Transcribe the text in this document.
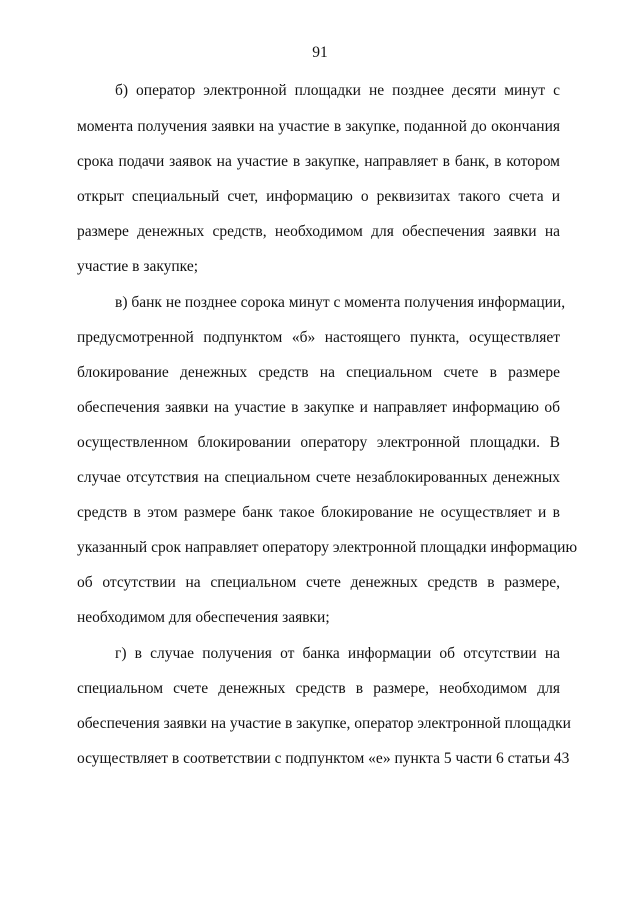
91
б) оператор электронной площадки не позднее десяти минут с
момента получения заявки на участие в закупке, поданной до окончания
срока подачи заявок на участие в закупке, направляет в банк, в котором
открыт специальный счет, информацию о реквизитах такого счета и
размере денежных средств, необходимом для обеспечения заявки на
участие в закупке;
в) банк не позднее сорока минут с момента получения информации,
предусмотренной подпунктом «б» настоящего пункта, осуществляет
блокирование денежных средств на специальном счете в размере
обеспечения заявки на участие в закупке и направляет информацию об
осуществленном блокировании оператору электронной площадки. В
случае отсутствия на специальном счете незаблокированных денежных
средств в этом размере банк такое блокирование не осуществляет и в
указанный срок направляет оператору электронной площадки информацию
об отсутствии на специальном счете денежных средств в размере,
необходимом для обеспечения заявки;
г) в случае получения от банка информации об отсутствии на
специальном счете денежных средств в размере, необходимом для
обеспечения заявки на участие в закупке, оператор электронной площадки
осуществляет в соответствии с подпунктом «е» пункта 5 части 6 статьи 43
